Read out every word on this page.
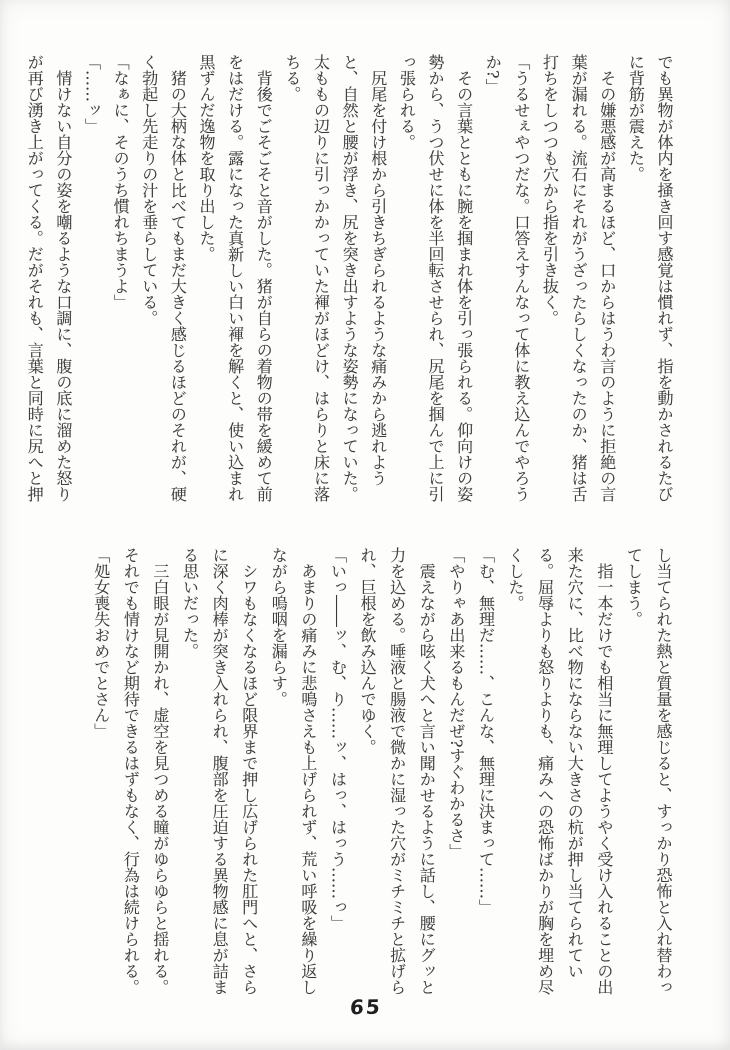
でも異物が体内を掻き回す感覚は慣れず、指を動かされるたびに背筋が震えた。

　その嫌悪感が高まるほど、口からはうわ言のように拒絶の言葉が漏れる。流石にそれがうざったらしくなったのか、猪は舌打ちをしつつも穴から指を引き抜く。

「うるせぇやつだな。口答えすんなって体に教え込んでやろうか?」

　その言葉とともに腕を掴まれ体を引っ張られる。仰向けの姿勢から、うつ伏せに体を半回転させられ、尻尾を掴んで上に引っ張られる。

　尻尾を付け根から引きちぎられるような痛みから逃れようと、自然と腰が浮き、尻を突き出すような姿勢になっていた。太ももの辺りに引っかかっていた褌がほどけ、はらりと床に落ちる。

　背後でごそごそと音がした。猪が自らの着物の帯を緩めて前をはだける。露になった真新しい白い褌を解くと、使い込まれ黒ずんだ逸物を取り出した。

　猪の大柄な体と比べてもまだ大きく感じるほどのそれが、硬く勃起し先走りの汁を垂らしている。

「なぁに、そのうち慣れちまうよ」

「……ッ」

　情けない自分の姿を嘲るような口調に、腹の底に溜めた怒りが再び湧き上がってくる。だがそれも、言葉と同時に尻へと押

し当てられた熱と質量を感じると、すっかり恐怖と入れ替わってしまう。

　指一本だけでも相当に無理してようやく受け入れることの出来た穴に、比べ物にならない大きさの杭が押し当てられている。屈辱よりも怒りよりも、痛みへの恐怖ばかりが胸を埋め尽くした。

「む、無理だ……、こんな、無理に決まって……」

「やりゃあ出来るもんだぜ?すぐわかるさ」

　震えながら呟く犬へと言い聞かせるように話し、腰にグッと力を込める。唾液と腸液で微かに湿った穴がミチミチと拡げられ、巨根を飲み込んでゆく。

「いっ――ッ、む、り……ッ、はっ、はっう……っ」

　あまりの痛みに悲鳴さえも上げられず、荒い呼吸を繰り返しながら嗚咽を漏らす。

　シワもなくなるほど限界まで押し広げられた肛門へと、さらに深く肉棒が突き入れられ、腹部を圧迫する異物感に息が詰まる思いだった。

　三白眼が見開かれ、虚空を見つめる瞳がゆらゆらと揺れる。それでも情けなど期待できるはずもなく、行為は続けられる。

「処女喪失おめでとさん」

65
